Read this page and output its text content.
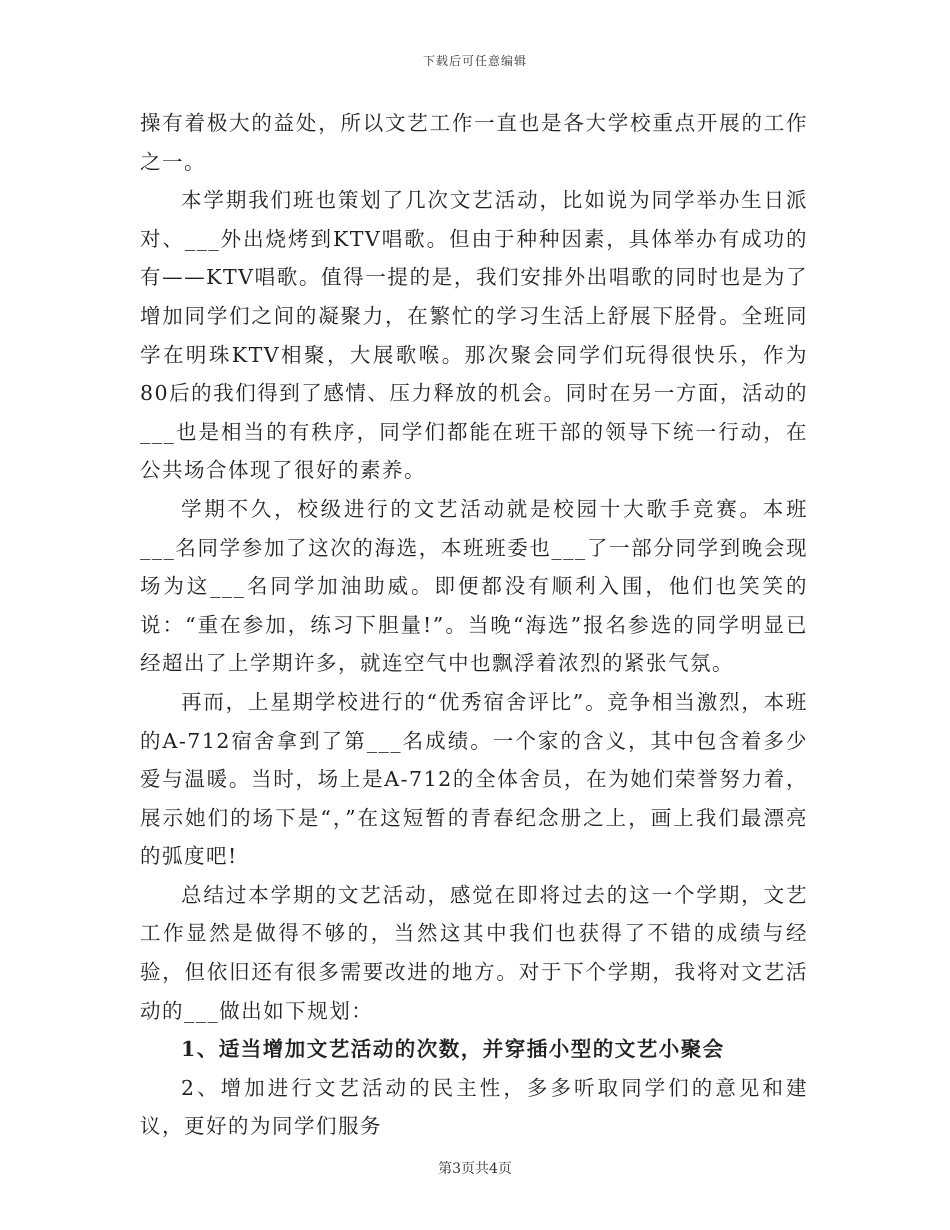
下载后可任意编辑

操有着极大的益处，所以文艺工作一直也是各大学校重点开展的工作之一。

本学期我们班也策划了几次文艺活动，比如说为同学举办生日派对、___外出烧烤到KTV唱歌。但由于种种因素，具体举办有成功的有——KTV唱歌。值得一提的是，我们安排外出唱歌的同时也是为了增加同学们之间的凝聚力，在繁忙的学习生活上舒展下胫骨。全班同学在明珠KTV相聚，大展歌喉。那次聚会同学们玩得很快乐，作为80后的我们得到了感情、压力释放的机会。同时在另一方面，活动的___也是相当的有秩序，同学们都能在班干部的领导下统一行动，在公共场合体现了很好的素养。

学期不久，校级进行的文艺活动就是校园十大歌手竞赛。本班___名同学参加了这次的海选，本班班委也___了一部分同学到晚会现场为这___名同学加油助威。即便都没有顺利入围，他们也笑笑的说：“重在参加，练习下胆量!”。当晚“海选”报名参选的同学明显已经超出了上学期许多，就连空气中也飘浮着浓烈的紧张气氛。

再而，上星期学校进行的“优秀宿舍评比”。竞争相当激烈，本班的A-712宿舍拿到了第___名成绩。一个家的含义，其中包含着多少爱与温暖。当时，场上是A-712的全体舍员，在为她们荣誉努力着，展示她们的场下是“，”在这短暂的青春纪念册之上，画上我们最漂亮的弧度吧!

总结过本学期的文艺活动，感觉在即将过去的这一个学期，文艺工作显然是做得不够的，当然这其中我们也获得了不错的成绩与经验，但依旧还有很多需要改进的地方。对于下个学期，我将对文艺活动的___做出如下规划：

1、适当增加文艺活动的次数，并穿插小型的文艺小聚会

2、增加进行文艺活动的民主性，多多听取同学们的意见和建议，更好的为同学们服务

第3页共4页
